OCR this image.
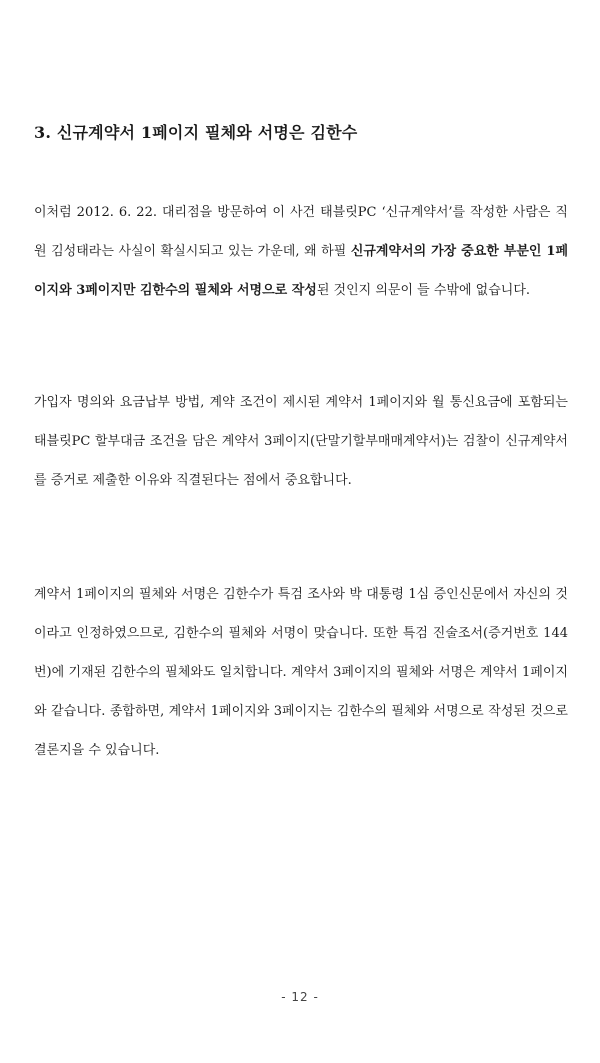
3. 신규계약서 1페이지 필체와 서명은 김한수
이처럼 2012. 6. 22. 대리점을 방문하여 이 사건 태블릿PC ‘신규계약서’를 작성한 사람은 직원 김성태라는 사실이 확실시되고 있는 가운데, 왜 하필 신규계약서의 가장 중요한 부분인 1페이지와 3페이지만 김한수의 필체와 서명으로 작성된 것인지 의문이 들 수밖에 없습니다.
가입자 명의와 요금납부 방법, 계약 조건이 제시된 계약서 1페이지와 월 통신요금에 포함되는 태블릿PC 할부대금 조건을 담은 계약서 3페이지(단말기할부매매계약서)는 검찰이 신규계약서를 증거로 제출한 이유와 직결된다는 점에서 중요합니다.
계약서 1페이지의 필체와 서명은 김한수가 특검 조사와 박 대통령 1심 증인신문에서 자신의 것이라고 인정하였으므로, 김한수의 필체와 서명이 맞습니다. 또한 특검 진술조서(증거번호 144번)에 기재된 김한수의 필체와도 일치합니다. 계약서 3페이지의 필체와 서명은 계약서 1페이지와 같습니다. 종합하면, 계약서 1페이지와 3페이지는 김한수의 필체와 서명으로 작성된 것으로 결론지을 수 있습니다.
- 12 -
